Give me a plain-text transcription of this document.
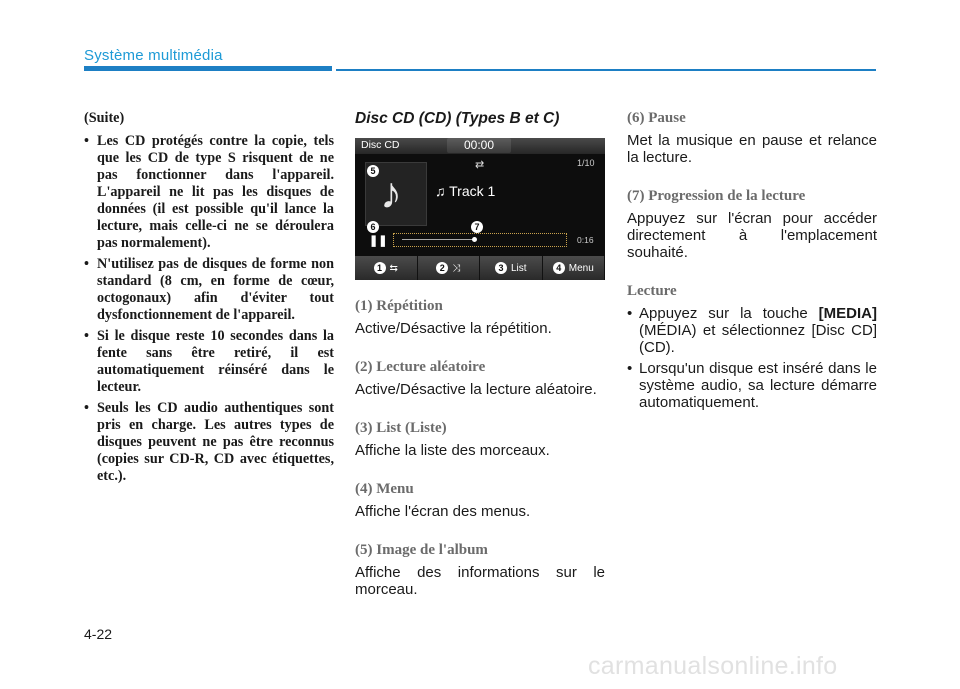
Système multimédia

(Suite)

• Les CD protégés contre la copie, tels que les CD de type S risquent de ne pas fonctionner dans l'appareil. L'appareil ne lit pas les disques de données (il est possible qu'il lance la lecture, mais celle-ci ne se déroulera pas normalement).
• N'utilisez pas de disques de forme non standard (8 cm, en forme de cœur, octogonaux) afin d'éviter tout dysfonctionnement de l'appareil.
• Si le disque reste 10 secondes dans la fente sans être retiré, il est automatiquement réinséré dans le lecteur.
• Seuls les CD audio authentiques sont pris en charge. Les autres types de disques peuvent ne pas être reconnus (copies sur CD-R, CD avec étiquettes, etc.).
Disc CD (CD) (Types B et C)
Disc CD	00:00
♪
5	⇄	1/10
♫ Track 1
6	7
❚❚	0:16
1 ⇆	2 ⤨	3 List	4 Menu

(1) Répétition

Active/Désactive la répétition.

(2) Lecture aléatoire

Active/Désactive la lecture aléatoire.

(3) List (Liste)

Affiche la liste des morceaux.

(4) Menu

Affiche l'écran des menus.

(5) Image de l'album

Affiche des informations sur le morceau.

(6) Pause

Met la musique en pause et relance la lecture.

(7) Progression de la lecture

Appuyez sur l'écran pour accéder directement à l'emplacement souhaité.

Lecture

• Appuyez sur la touche [MEDIA] (MÉDIA) et sélectionnez [Disc CD] (CD).
• Lorsqu'un disque est inséré dans le système audio, sa lecture démarre automatiquement.
4-22
carmanualsonline.info
